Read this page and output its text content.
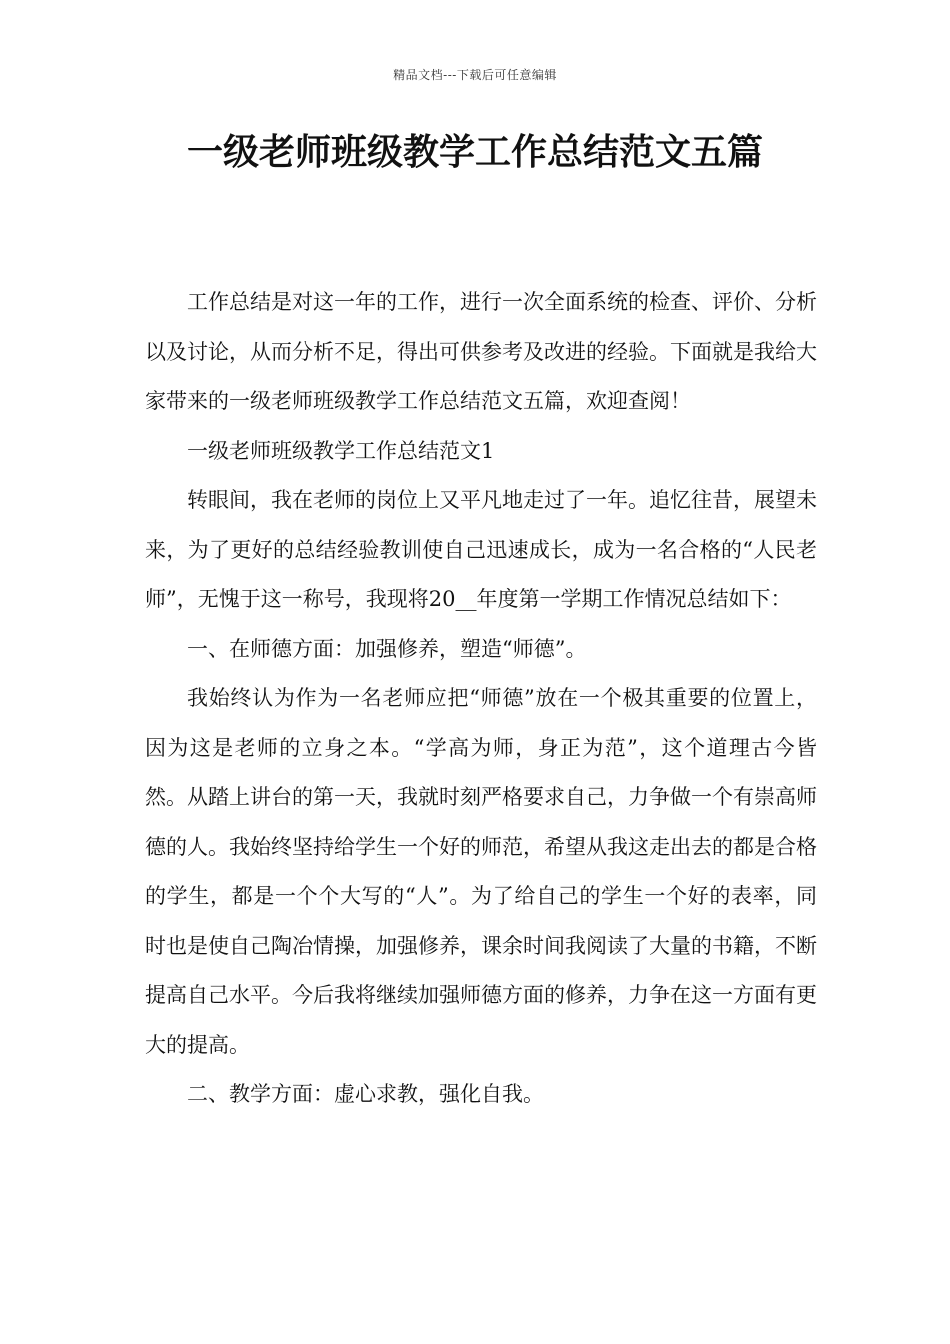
精品文档---下载后可任意编辑
一级老师班级教学工作总结范文五篇

工作总结是对这一年的工作，进行一次全面系统的检查、评价、分析以及讨论，从而分析不足，得出可供参考及改进的经验。下面就是我给大家带来的一级老师班级教学工作总结范文五篇，欢迎查阅！

一级老师班级教学工作总结范文1

转眼间，我在老师的岗位上又平凡地走过了一年。追忆往昔，展望未来，为了更好的总结经验教训使自己迅速成长，成为一名合格的“人民老师”，无愧于这一称号，我现将20__年度第一学期工作情况总结如下：

一、在师德方面：加强修养，塑造“师德”。

我始终认为作为一名老师应把“师德”放在一个极其重要的位置上，因为这是老师的立身之本。“学高为师，身正为范”，这个道理古今皆然。从踏上讲台的第一天，我就时刻严格要求自己，力争做一个有崇高师德的人。我始终坚持给学生一个好的师范，希望从我这走出去的都是合格的学生，都是一个个大写的“人”。为了给自己的学生一个好的表率，同时也是使自己陶冶情操，加强修养，课余时间我阅读了大量的书籍，不断提高自己水平。今后我将继续加强师德方面的修养，力争在这一方面有更大的提高。

二、教学方面：虚心求教，强化自我。
